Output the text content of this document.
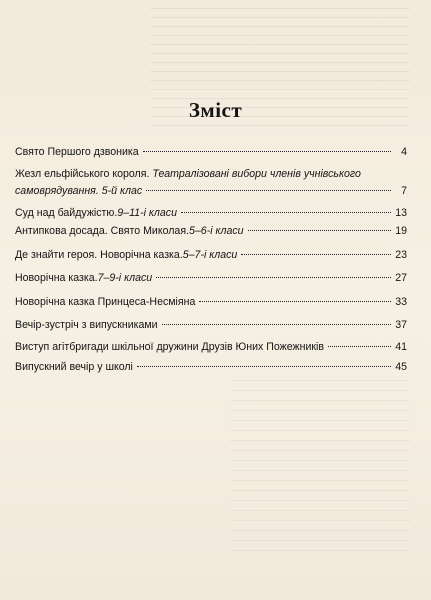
Зміст
Свято Першого дзвоника	4
Жезл ельфійського короля. Театралізовані вибори членів учнівського
самоврядування. 5-й клас	7
Суд над байдужістю. 9–11-і класи	13
Антипкова досада. Свято Миколая. 5–6-і класи	19
Де знайти героя. Новорічна казка. 5–7-і класи	23
Новорічна казка. 7–9-і класи	27
Новорічна казка Принцеса-Несміяна	33
Вечір-зустріч з випускниками	37
Виступ агітбригади шкільної дружини Друзів Юних Пожежників	41
Випускний вечір у школі	45
